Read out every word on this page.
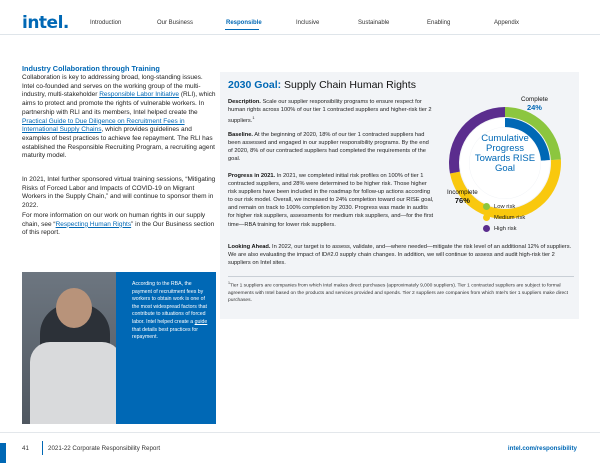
intel.	Introduction	Our Business	Responsible	Inclusive	Sustainable	Enabling	Appendix
Industry Collaboration through Training
Collaboration is key to addressing broad, long-standing issues. Intel co-founded and serves on the working group of the multi-industry, multi-stakeholder Responsible Labor Initiative (RLI), which aims to protect and promote the rights of vulnerable workers. In partnership with RLI and its members, Intel helped create the Practical Guide to Due Diligence on Recruitment Fees in International Supply Chains, which provides guidelines and examples of best practices to achieve fee repayment. The RLI has established the Responsible Recruiting Program, a recruiting agent maturity model.
In 2021, Intel further sponsored virtual training sessions, “Mitigating Risks of Forced Labor and Impacts of COVID-19 on Migrant Workers in the Supply Chain,” and will continue to sponsor them in 2022.
For more information on our work on human rights in our supply chain, see “Respecting Human Rights” in the Our Business section of this report.
According to the RBA, the payment of recruitment fees by workers to obtain work is one of the most widespread factors that contribute to situations of forced labor. Intel helped create a guide that details best practices for repayment.
2030 Goal: Supply Chain Human Rights
Description. Scale our supplier responsibility programs to ensure respect for human rights across 100% of our tier 1 contracted suppliers and higher-risk tier 2 suppliers.$^1$
Baseline. At the beginning of 2020, 18% of our tier 1 contracted suppliers had been assessed and engaged in our supplier responsibility programs. By the end of 2020, 8% of our contracted suppliers had completed the requirements of the goal.
Progress in 2021. In 2021, we completed initial risk profiles on 100% of tier 1 contracted suppliers, and 28% were determined to be higher risk. Those higher risk suppliers have been included in the roadmap for follow-up actions according to our risk model. Overall, we increased to 24% completion toward our RISE goal, and remain on track to 100% completion by 2030. Progress was made in audits for higher risk suppliers, assessments for medium risk suppliers, and—for the first time—RBA training for lower risk suppliers.
Looking Ahead. In 2022, our target is to assess, validate, and—where needed—mitigate the risk level of an additional 12% of suppliers. We are also evaluating the impact of ID#2.0 supply chain changes. In addition, we will continue to assess and audit high-risk tier 2 suppliers on Intel sites.
$^1$Tier 1 suppliers are companies from which Intel makes direct purchases (approximately 9,000 suppliers). Tier 1 contracted suppliers are subject to formal agreements with Intel based on the products and services provided and spends. Tier 2 suppliers are companies from which Intel’s tier 1 suppliers make direct purchases.
Complete
24%
Incomplete
76%
Cumulative
Progress
Towards RISE
Goal
Low risk
Medium risk
High risk
41	2021-22 Corporate Responsibility Report	intel.com/responsibility
